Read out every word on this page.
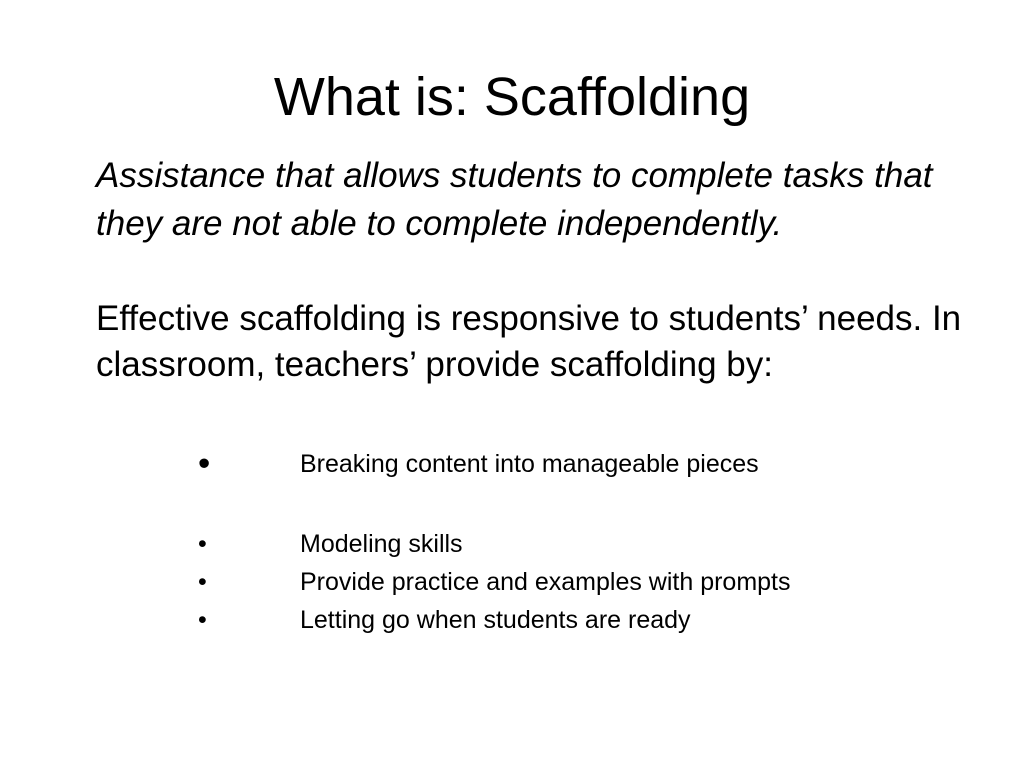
What is: Scaffolding
Assistance that allows students to complete tasks that they are not able to complete independently.
Effective scaffolding is responsive to students’ needs. In classroom, teachers’ provide scaffolding by:
•	Breaking content into manageable pieces
•	Modeling skills
•	Provide practice and examples with prompts
•	Letting go when students are ready
